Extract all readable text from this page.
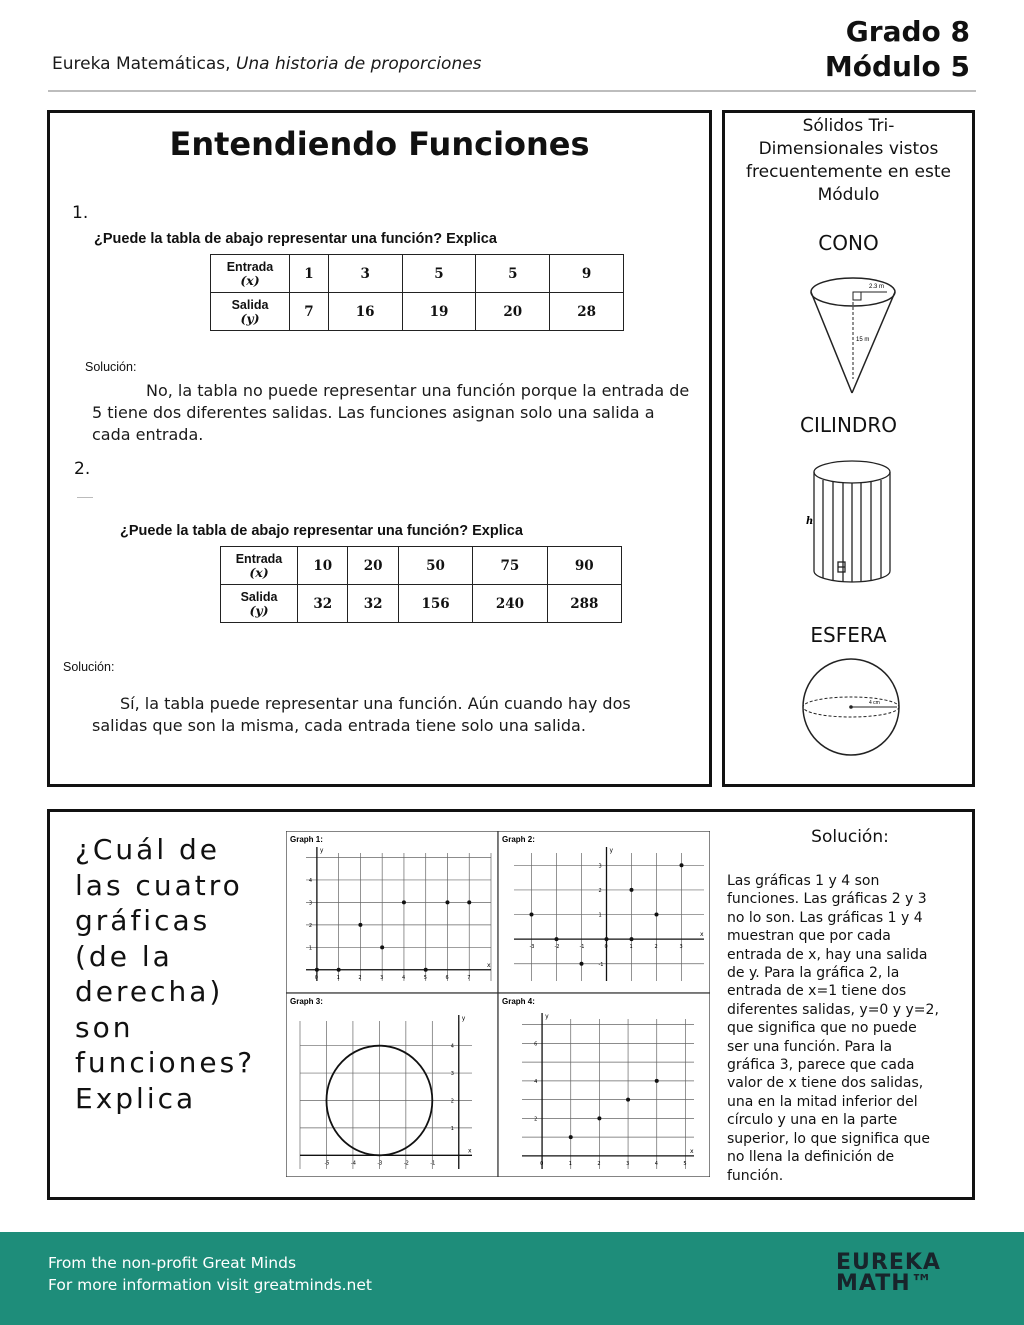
Eureka Matemáticas, Una historia de proporciones
Grado 8
Módulo 5
Entendiendo Funciones
1.
¿Puede la tabla de abajo representar una función? Explica
Entrada
(x)	1	3	5	5	9
Salida
(y)	7	16	19	20	28
Solución:
No, la tabla no puede representar una función porque la entrada de 5 tiene dos diferentes salidas. Las funciones asignan solo una salida a cada entrada.
2.
¿Puede la tabla de abajo representar una función? Explica
Entrada
(x)	10	20	50	75	90
Salida
(y)	32	32	156	240	288
Solución:
Sí, la tabla puede representar una función. Aún cuando hay dos salidas que son la misma, cada entrada tiene solo una salida.
Sólidos Tri-Dimensionales vistos frecuentemente en este Módulo
CONO
2.3 m
15 m
CILINDRO
h
ESFERA
4 cm
¿Cuál de las cuatro gráficas (de la derecha) son funciones? Explica
Graph 1:
x
y
0	1	2	3	4	5	6	7
1
2
3
4
Graph 2:
x
y
-3	-2	-1	0	1	2	3
-1
1
2
3
Graph 3:
x
y
-5	-4	-3	-2	-1
1
2
3
4
Graph 4:
x
y
0	1	2	3	4	5
2
4
6
Solución:
Las gráficas 1 y 4 son funciones. Las gráficas 2 y 3 no lo son. Las gráficas 1 y 4 muestran que por cada entrada de x, hay una salida de y. Para la gráfica 2, la entrada de x=1 tiene dos diferentes salidas, y=0 y y=2, que significa que no puede ser una función. Para la gráfica 3, parece que cada valor de x tiene dos salidas, una en la mitad inferior del círculo y una en la parte superior, lo que significa que no llena la definición de función.
From the non-profit Great Minds
For more information visit greatminds.net
EUREKA
MATH™
